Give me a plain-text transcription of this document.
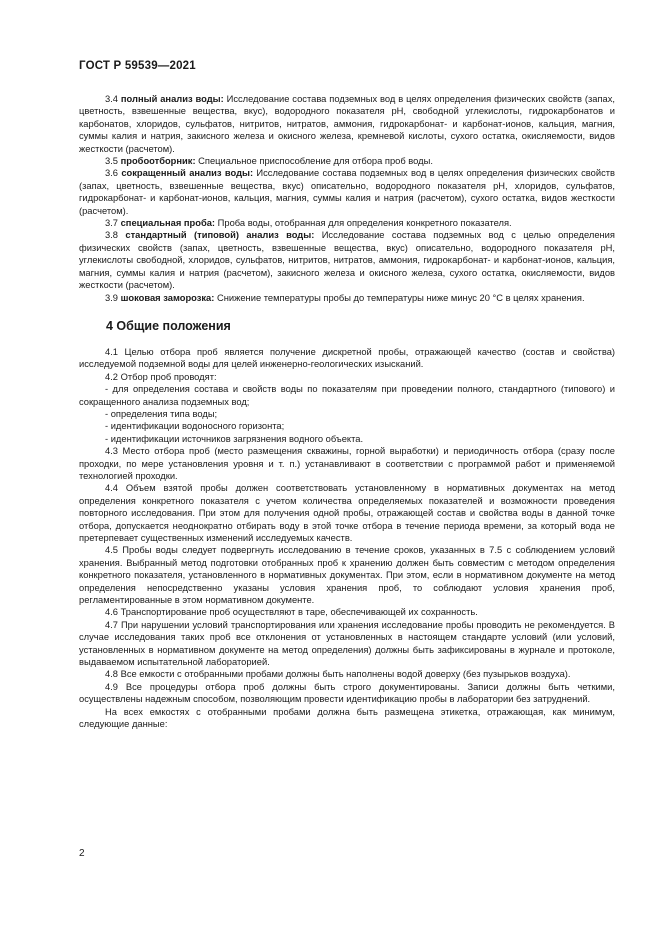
ГОСТ Р 59539—2021

3.4 полный анализ воды: Исследование состава подземных вод в целях определения физических свойств (запах, цветность, взвешенные вещества, вкус), водородного показателя pH, свободной углекислоты, гидрокарбонатов и карбонатов, хлоридов, сульфатов, нитритов, нитратов, аммония, гидрокарбонат- и карбонат-ионов, кальция, магния, суммы калия и натрия, закисного железа и окисного железа, кремневой кислоты, сухого остатка, окисляемости, видов жесткости (расчетом).

3.5 пробоотборник: Специальное приспособление для отбора проб воды.

3.6 сокращенный анализ воды: Исследование состава подземных вод в целях определения физических свойств (запах, цветность, взвешенные вещества, вкус) описательно, водородного показателя pH, хлоридов, сульфатов, гидрокарбонат- и карбонат-ионов, кальция, магния, суммы калия и натрия (расчетом), сухого остатка, видов жесткости (расчетом).

3.7 специальная проба: Проба воды, отобранная для определения конкретного показателя.

3.8 стандартный (типовой) анализ воды: Исследование состава подземных вод с целью определения физических свойств (запах, цветность, взвешенные вещества, вкус) описательно, водородного показателя pH, углекислоты свободной, хлоридов, сульфатов, нитритов, нитратов, аммония, гидрокарбонат- и карбонат-ионов, кальция, магния, суммы калия и натрия (расчетом), закисного железа и окисного железа, сухого остатка, окисляемости, видов жесткости (расчетом).

3.9 шоковая заморозка: Снижение температуры пробы до температуры ниже минус 20 °C в целях хранения.

4 Общие положения

4.1 Целью отбора проб является получение дискретной пробы, отражающей качество (состав и свойства) исследуемой подземной воды для целей инженерно-геологических изысканий.

4.2 Отбор проб проводят:

- для определения состава и свойств воды по показателям при проведении полного, стандартного (типового) и сокращенного анализа подземных вод;

- определения типа воды;

- идентификации водоносного горизонта;

- идентификации источников загрязнения водного объекта.

4.3 Место отбора проб (место размещения скважины, горной выработки) и периодичность отбора (сразу после проходки, по мере установления уровня и т. п.) устанавливают в соответствии с программой работ и применяемой технологией проходки.

4.4 Объем взятой пробы должен соответствовать установленному в нормативных документах на метод определения конкретного показателя с учетом количества определяемых показателей и возможности проведения повторного исследования. При этом для получения одной пробы, отражающей состав и свойства воды в данной точке отбора, допускается неоднократно отбирать воду в этой точке отбора в течение периода времени, за который вода не претерпевает существенных изменений исследуемых качеств.

4.5 Пробы воды следует подвергнуть исследованию в течение сроков, указанных в 7.5 с соблюдением условий хранения. Выбранный метод подготовки отобранных проб к хранению должен быть совместим с методом определения конкретного показателя, установленного в нормативных документах. При этом, если в нормативном документе на метод определения непосредственно указаны условия хранения проб, то соблюдают условия хранения проб, регламентированные в этом нормативном документе.

4.6 Транспортирование проб осуществляют в таре, обеспечивающей их сохранность.

4.7 При нарушении условий транспортирования или хранения исследование пробы проводить не рекомендуется. В случае исследования таких проб все отклонения от установленных в настоящем стандарте условий (или условий, установленных в нормативном документе на метод определения) должны быть зафиксированы в журнале и протоколе, выдаваемом испытательной лабораторией.

4.8 Все емкости с отобранными пробами должны быть наполнены водой доверху (без пузырьков воздуха).

4.9 Все процедуры отбора проб должны быть строго документированы. Записи должны быть четкими, осуществлены надежным способом, позволяющим провести идентификацию пробы в лаборатории без затруднений.

На всех емкостях с отобранными пробами должна быть размещена этикетка, отражающая, как минимум, следующие данные:

2
